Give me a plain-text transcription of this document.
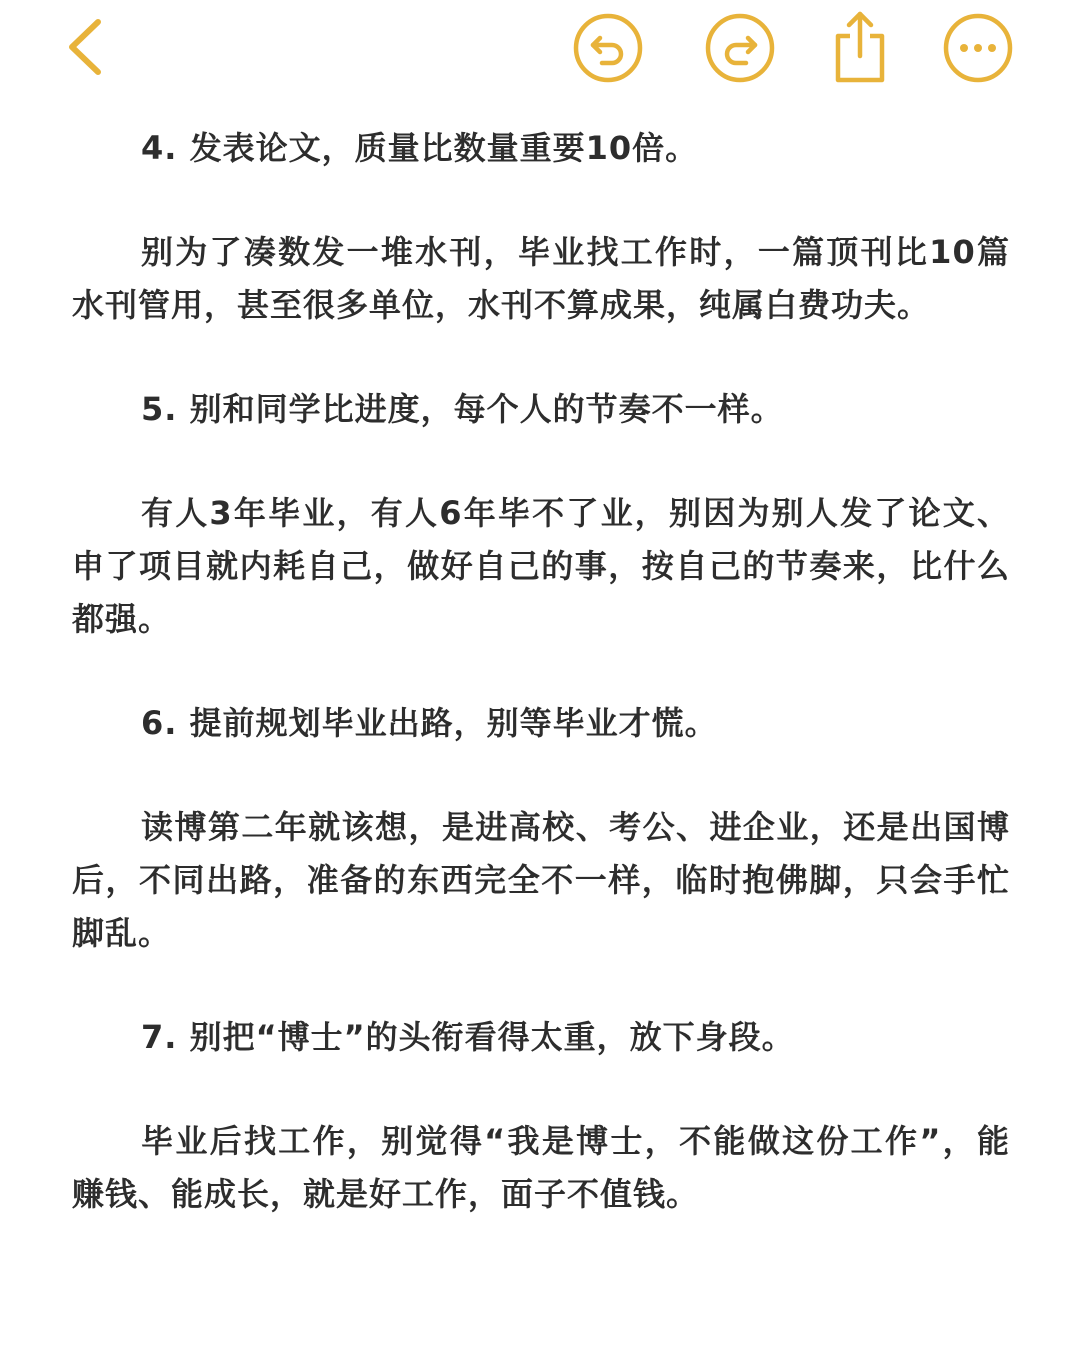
4. 发表论文，质量比数量重要10倍。

别为了凑数发一堆水刊，毕业找工作时，一篇顶刊比10篇水刊管用，甚至很多单位，水刊不算成果，纯属白费功夫。

5. 别和同学比进度，每个人的节奏不一样。

有人3年毕业，有人6年毕不了业，别因为别人发了论文、申了项目就内耗自己，做好自己的事，按自己的节奏来，比什么都强。

6. 提前规划毕业出路，别等毕业才慌。

读博第二年就该想，是进高校、考公、进企业，还是出国博后，不同出路，准备的东西完全不一样，临时抱佛脚，只会手忙脚乱。

7. 别把“博士”的头衔看得太重，放下身段。

毕业后找工作，别觉得“我是博士，不能做这份工作”，能赚钱、能成长，就是好工作，面子不值钱。
